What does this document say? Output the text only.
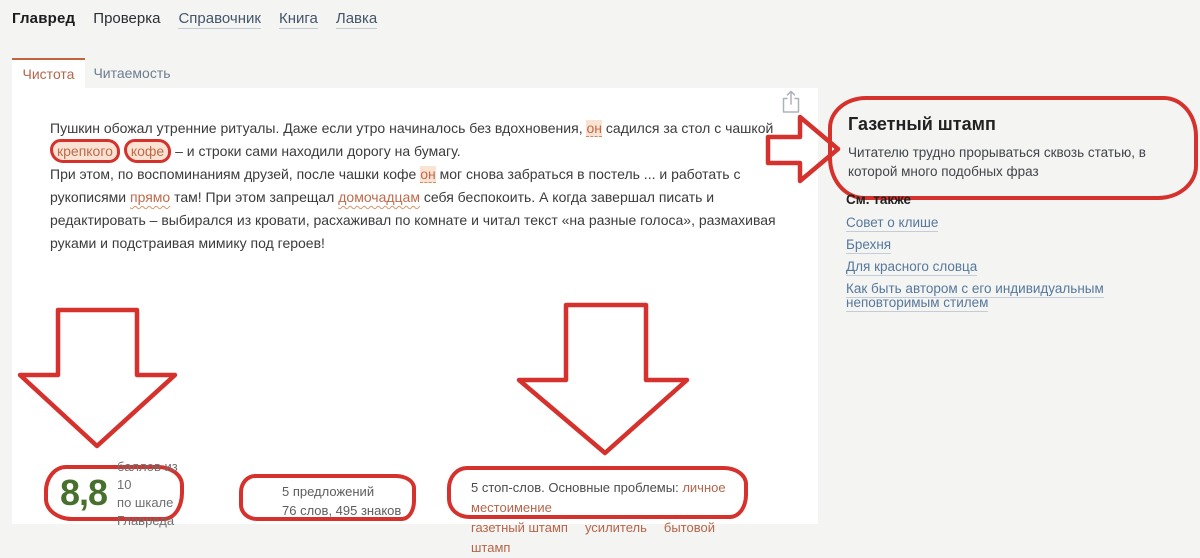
Главред Проверка Справочник Книга Лавка
Чистота Читаемость

Пушкин обожал утренние ритуалы. Даже если утро начиналось без вдохновения, он садился за стол с чашкой крепкого кофе – и строки сами находили дорогу на бумагу.

При этом, по воспоминаниям друзей, после чашки кофе он мог снова забраться в постель ... и работать с рукописями прямо там! При этом запрещал домочадцам себя беспокоить. А когда завершал писать и редактировать – выбирался из кровати, расхаживал по комнате и читал текст «на разные голоса», размахивая руками и подстраивая мимику под героев!

Газетный штамп
Читателю трудно прорываться сквозь статью, в которой много подобных фраз
См. также
Совет о клише
Брехня
Для красного словца
Как быть автором с его индивидуальным неповторимым стилем
8,8
баллов из 10
по шкале Главреда
5 предложений
76 слов, 495 знаков
5 стоп-слов. Основные проблемы: личное местоимение
газетный штамп усилитель бытовой штамп
